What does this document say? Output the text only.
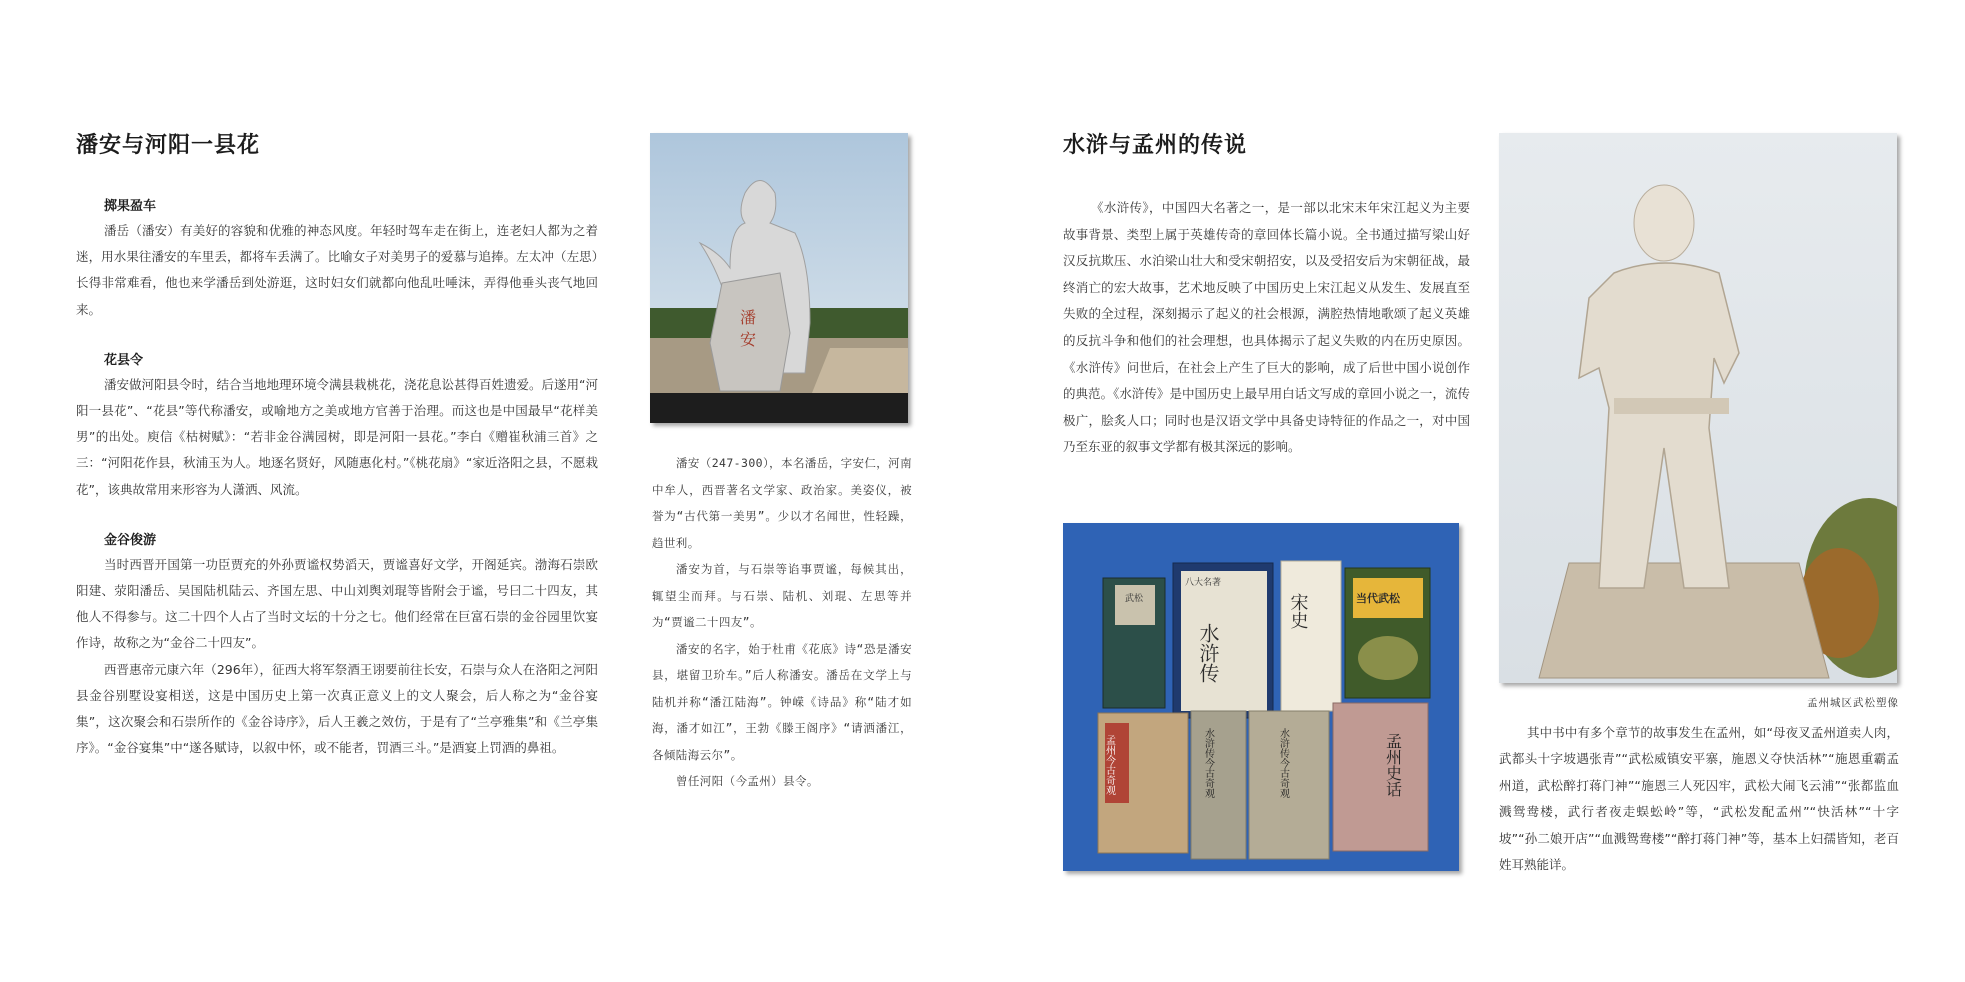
潘安与河阳一县花
掷果盈车

潘岳（潘安）有美好的容貌和优雅的神态风度。年轻时驾车走在街上，连老妇人都为之着迷，用水果往潘安的车里丢，都将车丢满了。比喻女子对美男子的爱慕与追捧。左太冲（左思）长得非常难看，他也来学潘岳到处游逛，这时妇女们就都向他乱吐唾沫，弄得他垂头丧气地回来。

花县令

潘安做河阳县令时，结合当地地理环境令满县栽桃花，浇花息讼甚得百姓遗爱。后遂用“河阳一县花”、“花县”等代称潘安，或喻地方之美或地方官善于治理。而这也是中国最早“花样美男”的出处。庾信《枯树赋》：“若非金谷满园树，即是河阳一县花。”李白《赠崔秋浦三首》之三：“河阳花作县，秋浦玉为人。地逐名贤好，风随惠化村。”《桃花扇》“家近洛阳之县，不愿栽花”，该典故常用来形容为人潇洒、风流。

金谷俊游

当时西晋开国第一功臣贾充的外孙贾谧权势滔天，贾谧喜好文学，开阁延宾。渤海石崇欧阳建、荥阳潘岳、吴国陆机陆云、齐国左思、中山刘舆刘琨等皆附会于谧，号曰二十四友，其他人不得参与。这二十四个人占了当时文坛的十分之七。他们经常在巨富石崇的金谷园里饮宴作诗，故称之为“金谷二十四友”。

西晋惠帝元康六年（296年），征西大将军祭酒王诩要前往长安，石崇与众人在洛阳之河阳县金谷别墅设宴相送，这是中国历史上第一次真正意义上的文人聚会，后人称之为“金谷宴集”，这次聚会和石崇所作的《金谷诗序》，后人王羲之效仿，于是有了“兰亭雅集”和《兰亭集序》。“金谷宴集”中“遂各赋诗，以叙中怀，或不能者，罚酒三斗。”是酒宴上罚酒的鼻祖。

潘安

潘安（247-300），本名潘岳，字安仁，河南中牟人，西晋著名文学家、政治家。美姿仪，被誉为“古代第一美男”。少以才名闻世，性轻躁，趋世利。

潘安为首，与石崇等谄事贾谧，每候其出，辄望尘而拜。与石崇、陆机、刘琨、左思等并为“贾谧二十四友”。

潘安的名字，始于杜甫《花底》诗“恐是潘安县，堪留卫玠车。”后人称潘安。潘岳在文学上与陆机并称“潘江陆海”。钟嵘《诗品》称“陆才如海，潘才如江”，王勃《滕王阁序》“请洒潘江，各倾陆海云尔”。

曾任河阳（今孟州）县令。

水浒与孟州的传说

《水浒传》，中国四大名著之一，是一部以北宋末年宋江起义为主要故事背景、类型上属于英雄传奇的章回体长篇小说。全书通过描写梁山好汉反抗欺压、水泊梁山壮大和受宋朝招安，以及受招安后为宋朝征战，最终消亡的宏大故事，艺术地反映了中国历史上宋江起义从发生、发展直至失败的全过程，深刻揭示了起义的社会根源，满腔热情地歌颂了起义英雄的反抗斗争和他们的社会理想，也具体揭示了起义失败的内在历史原因。《水浒传》问世后，在社会上产生了巨大的影响，成了后世中国小说创作的典范。《水浒传》是中国历史上最早用白话文写成的章回小说之一，流传极广，脍炙人口；同时也是汉语文学中具备史诗特征的作品之一，对中国乃至东亚的叙事文学都有极其深远的影响。

武松
八大名著
水浒传
宋史	当代武松
孟州今古奇观	水浒传今古奇观	水浒传今古奇观	孟州史话
孟州城区武松塑像

其中书中有多个章节的故事发生在孟州，如“母夜叉孟州道卖人肉，武都头十字坡遇张青”“武松威镇安平寨，施恩义夺快活林”“施恩重霸孟州道，武松醉打蒋门神”“施恩三人死囚牢，武松大闹飞云浦”“张都监血溅鸳鸯楼，武行者夜走蜈蚣岭”等，“武松发配孟州”“快活林”“十字坡”“孙二娘开店”“血溅鸳鸯楼”“醉打蒋门神”等，基本上妇孺皆知，老百姓耳熟能详。
